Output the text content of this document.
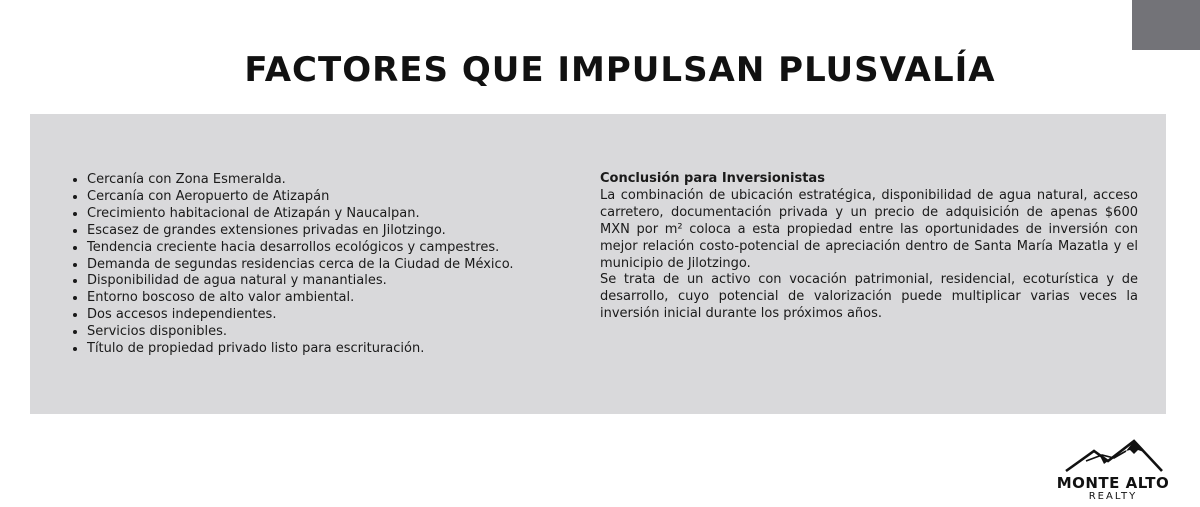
FACTORES QUE IMPULSAN PLUSVALÍA
• Cercanía con Zona Esmeralda.
• Cercanía con Aeropuerto de Atizapán
• Crecimiento habitacional de Atizapán y Naucalpan.
• Escasez de grandes extensiones privadas en Jilotzingo.
• Tendencia creciente hacia desarrollos ecológicos y campestres.
• Demanda de segundas residencias cerca de la Ciudad de México.
• Disponibilidad de agua natural y manantiales.
• Entorno boscoso de alto valor ambiental.
• Dos accesos independientes.
• Servicios disponibles.
• Título de propiedad privado listo para escrituración.
Conclusión para Inversionistas

La combinación de ubicación estratégica, disponibilidad de agua natural, acceso carretero, documentación privada y un precio de adquisición de apenas $600 MXN por m² coloca a esta propiedad entre las oportunidades de inversión con mejor relación costo-potencial de apreciación dentro de Santa María Mazatla y el municipio de Jilotzingo.

Se trata de un activo con vocación patrimonial, residencial, ecoturística y de desarrollo, cuyo potencial de valorización puede multiplicar varias veces la inversión inicial durante los próximos años.

MONTE ALTO
REALTY
